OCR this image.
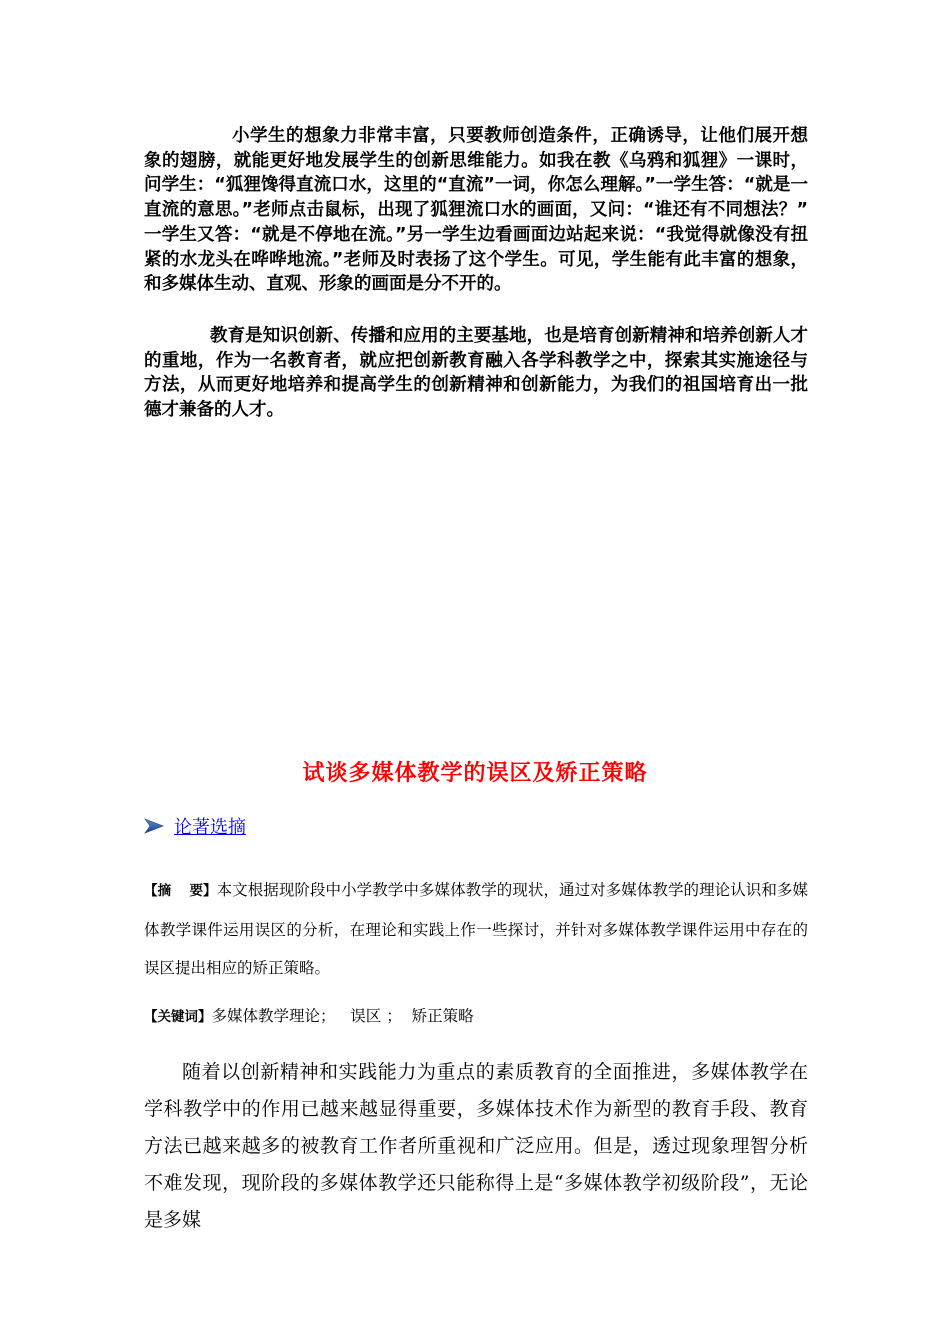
小学生的想象力非常丰富，只要教师创造条件，正确诱导，让他们展开想象的翅膀，就能更好地发展学生的创新思维能力。如我在教《乌鸦和狐狸》一课时，问学生：“狐狸馋得直流口水，这里的“直流”一词，你怎么理解。”一学生答：“就是一直流的意思。”老师点击鼠标，出现了狐狸流口水的画面，又问：“谁还有不同想法？” 一学生又答：“就是不停地在流。”另一学生边看画面边站起来说：“我觉得就像没有扭紧的水龙头在哗哗地流。”老师及时表扬了这个学生。可见，学生能有此丰富的想象，和多媒体生动、直观、形象的画面是分不开的。

教育是知识创新、传播和应用的主要基地，也是培育创新精神和培养创新人才的重地，作为一名教育者，就应把创新教育融入各学科教学之中，探索其实施途径与方法，从而更好地培养和提高学生的创新精神和创新能力，为我们的祖国培育出一批德才兼备的人才。

试谈多媒体教学的误区及矫正策略
论著选摘

【摘　 要】本文根据现阶段中小学教学中多媒体教学的现状，通过对多媒体教学的理论认识和多媒体教学课件运用误区的分析，在理论和实践上作一些探讨，并针对多媒体教学课件运用中存在的误区提出相应的矫正策略。

【关键词】多媒体教学理论； 误区 ； 矫正策略

随着以创新精神和实践能力为重点的素质教育的全面推进，多媒体教学在学科教学中的作用已越来越显得重要，多媒体技术作为新型的教育手段、教育方法已越来越多的被教育工作者所重视和广泛应用。但是，透过现象理智分析不难发现，现阶段的多媒体教学还只能称得上是“多媒体教学初级阶段”，无论是多媒
